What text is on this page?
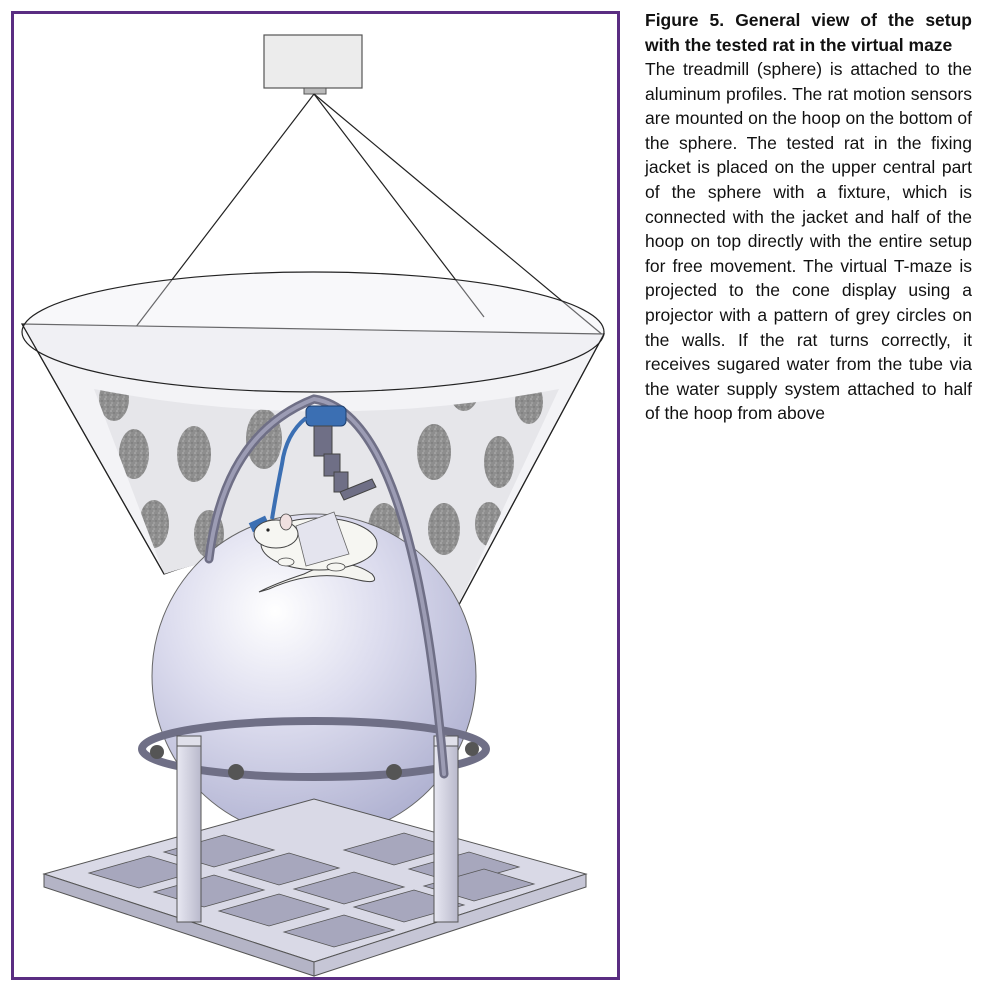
Figure 5. General view of the setup with the tested rat in the virtual maze

The treadmill (sphere) is attached to the aluminum profiles. The rat motion sensors are mounted on the hoop on the bottom of the sphere. The tested rat in the fixing jacket is placed on the upper central part of the sphere with a fixture, which is connected with the jacket and half of the hoop on top directly with the entire setup for free movement. The virtual T-maze is projected to the cone display using a projector with a pattern of grey circles on the walls. If the rat turns correctly, it receives sugared water from the tube via the water supply system attached to half of the hoop from above
